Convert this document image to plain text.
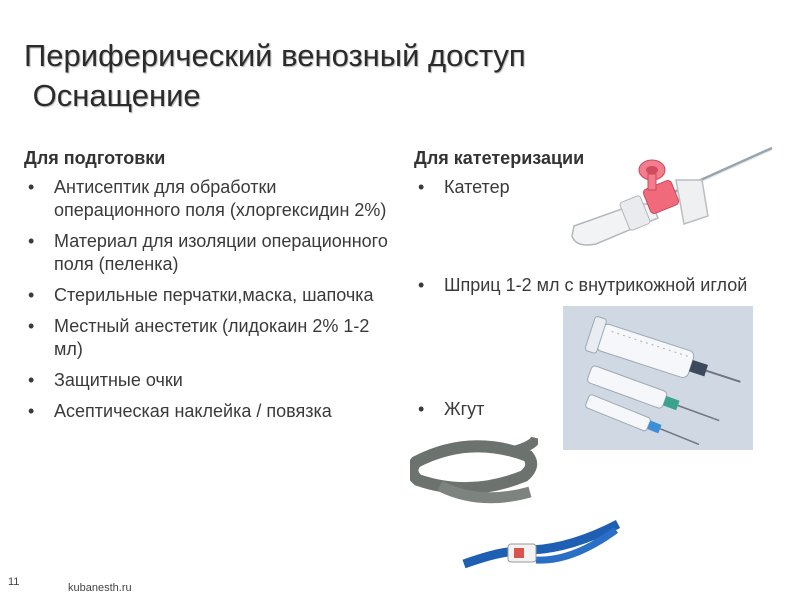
Периферический венозный доступ
Оснащение
Для подготовки
• Антисептик для обработки операционного поля (хлоргексидин 2%)
• Материал для изоляции операционного поля (пеленка)
• Стерильные перчатки,маска, шапочка
• Местный анестетик (лидокаин 2% 1-2 мл)
• Защитные очки
• Асептическая наклейка / повязка
Для катетеризации
• Катетер
• Шприц 1-2 мл с внутрикожной иглой
• Жгут
11	kubanesth.ru
